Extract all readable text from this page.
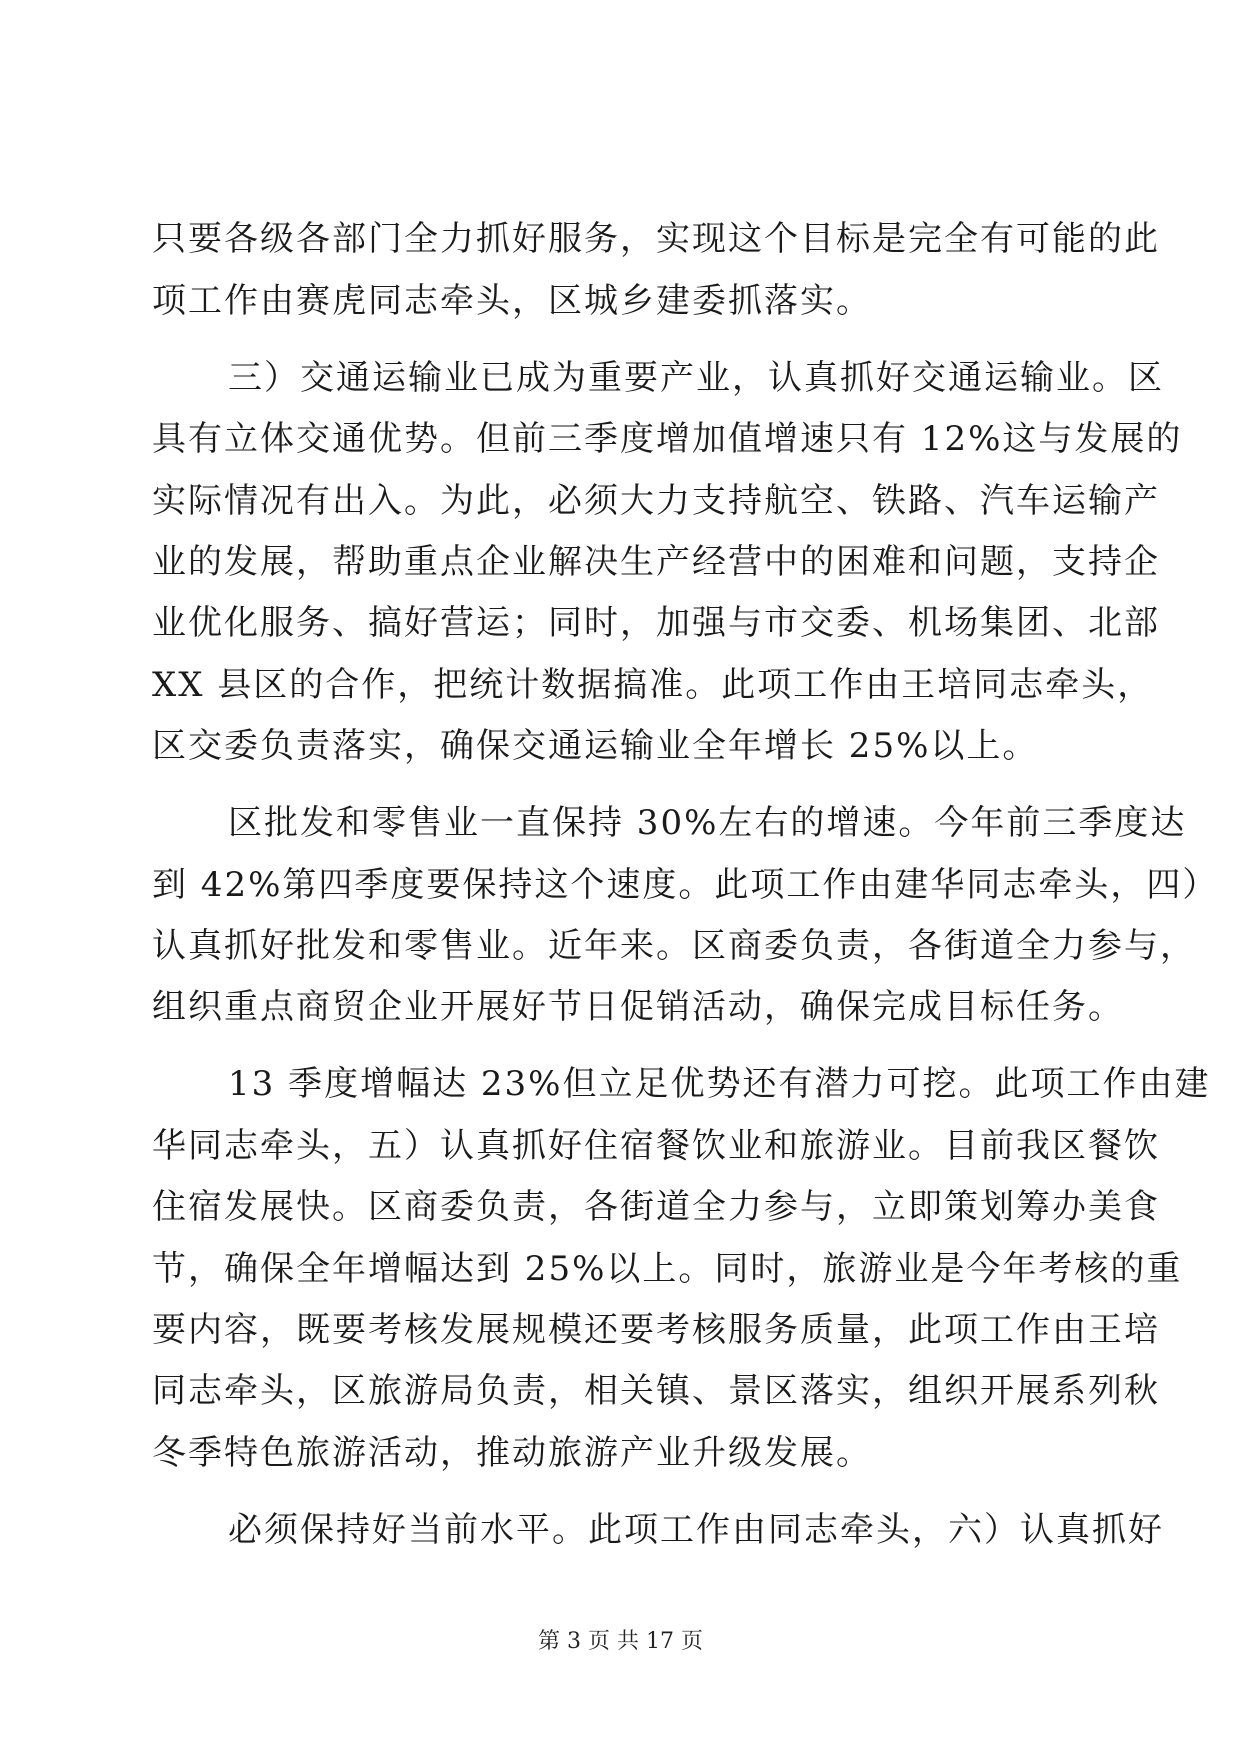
只要各级各部门全力抓好服务，实现这个目标是完全有可能的此
项工作由赛虎同志牵头，区城乡建委抓落实。
三）交通运输业已成为重要产业，认真抓好交通运输业。区
具有立体交通优势。但前三季度增加值增速只有 12%这与发展的
实际情况有出入。为此，必须大力支持航空、铁路、汽车运输产
业的发展，帮助重点企业解决生产经营中的困难和问题，支持企
业优化服务、搞好营运；同时，加强与市交委、机场集团、北部
XX 县区的合作，把统计数据搞准。此项工作由王培同志牵头，
区交委负责落实，确保交通运输业全年增长 25%以上。
区批发和零售业一直保持 30%左右的增速。今年前三季度达
到 42%第四季度要保持这个速度。此项工作由建华同志牵头，四）
认真抓好批发和零售业。近年来。区商委负责，各街道全力参与，
组织重点商贸企业开展好节日促销活动，确保完成目标任务。
13 季度增幅达 23%但立足优势还有潜力可挖。此项工作由建
华同志牵头，五）认真抓好住宿餐饮业和旅游业。目前我区餐饮
住宿发展快。区商委负责，各街道全力参与，立即策划筹办美食
节，确保全年增幅达到 25%以上。同时，旅游业是今年考核的重
要内容，既要考核发展规模还要考核服务质量，此项工作由王培
同志牵头，区旅游局负责，相关镇、景区落实，组织开展系列秋
冬季特色旅游活动，推动旅游产业升级发展。
必须保持好当前水平。此项工作由同志牵头，六）认真抓好
第 3 页 共 17 页
